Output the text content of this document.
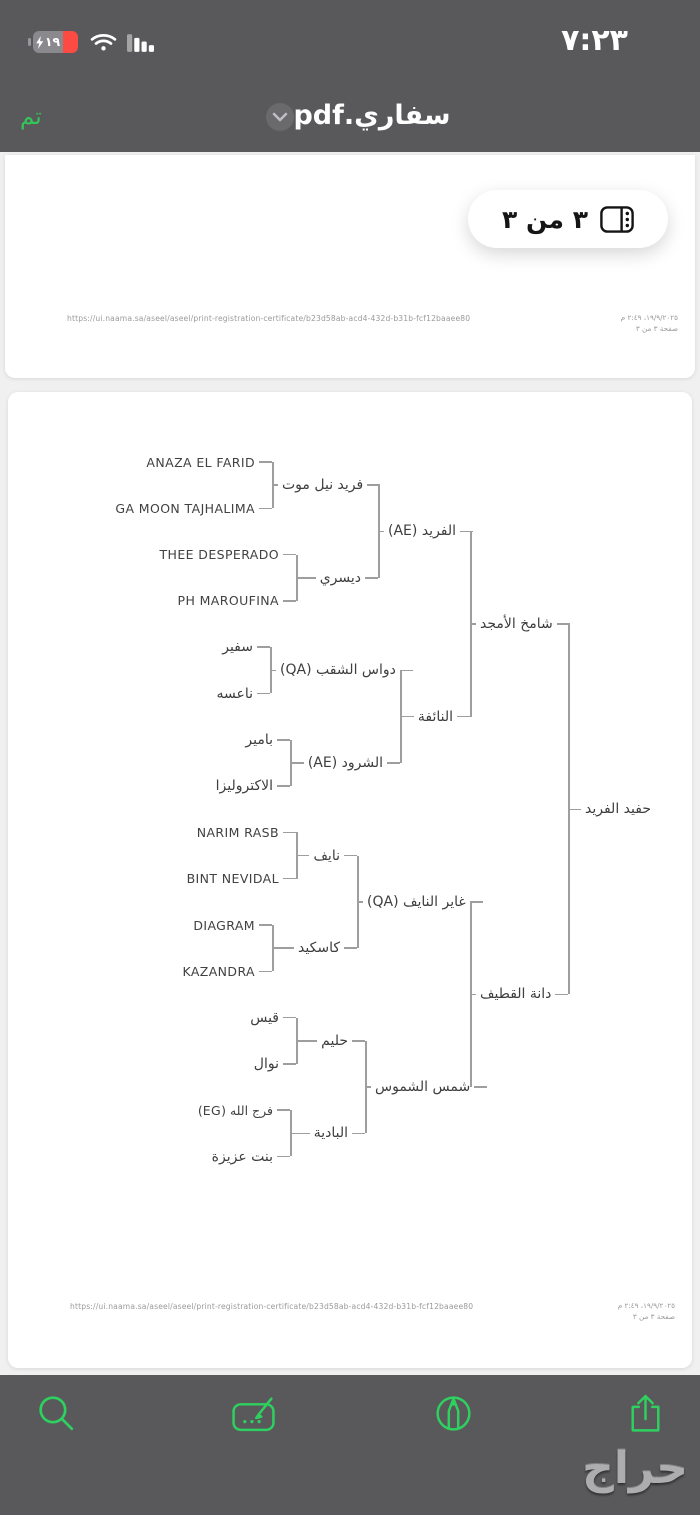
١٩	٧:٢٣
تم	سفاري.pdf
https://ui.naama.sa/aseel/aseel/print-registration-certificate/b23d58ab-acd4-432d-b31b-fcf12baaee80	١٩/٩/٢٠٢٥، ٢:٤٩ م
صفحة ٣ من ٣
ANAZA EL FARID
GA MOON TAJHALIMA
THEE DESPERADO
PH MAROUFINA
سفير
ناعسه
بامير
الاكتروليزا
NARIM RASB
BINT NEVIDAL
DIAGRAM
KAZANDRA
قيس
نوال
فرج الله (EG)
بنت عزيزة
فريد نيل موت
ديسري
دواس الشقب (QA)
الشرود (AE)
نايف
كاسكيد
حليم
البادية
الفريد (AE)
النائفة
غاير النايف (QA)
شمس الشموس
شامخ الأمجد
دانة القطيف
حفيد الفريد
https://ui.naama.sa/aseel/aseel/print-registration-certificate/b23d58ab-acd4-432d-b31b-fcf12baaee80	١٩/٩/٢٠٢٥، ٢:٤٩ م
صفحة ٣ من ٣
٣ من ٣
حراج
